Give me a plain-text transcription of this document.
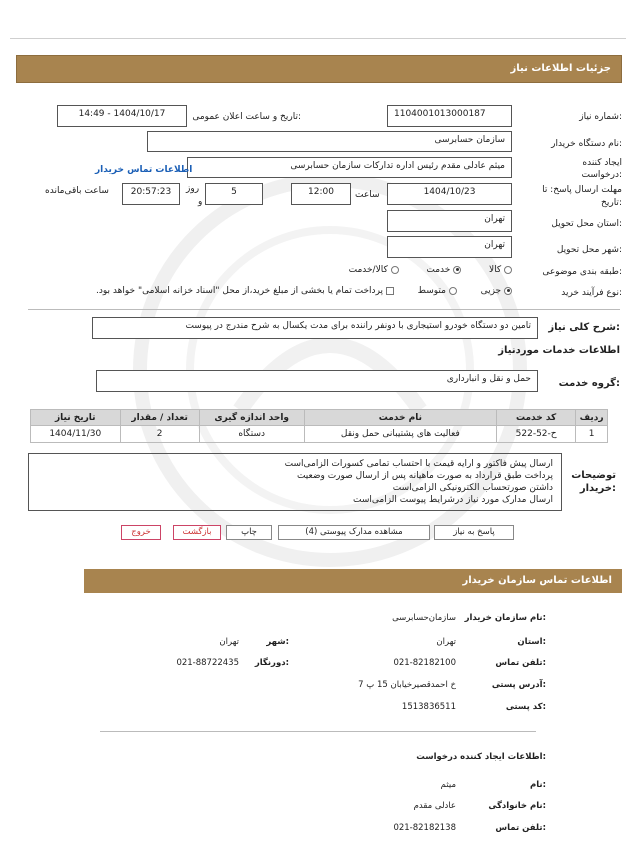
جزئیات اطلاعات نیاز
شماره نیاز:
1104001013000187
تاریخ و ساعت اعلان عمومی:
1404/10/17 - 14:49
نام دستگاه خریدار:
سازمان حسابرسی
ایجاد کننده
درخواست:
میثم عادلی مقدم رئیس اداره تدارکات سازمان حسابرسی
اطلاعات تماس خریدار
مهلت ارسال پاسخ: تا
تاریخ:
1404/10/23
ساعت
12:00
5
روز
و
20:57:23
ساعت باقی‌مانده
استان محل تحویل:
تهران
شهر محل تحویل:
تهران
طبقه بندی موضوعی:
کالا   خدمت   کالا/خدمت
نوع فرآیند خرید:
جزیی   متوسط   پرداخت تمام یا بخشی از مبلغ خرید،از محل "اسناد خزانه اسلامی" خواهد بود.
شرح کلی نیاز:
تامین دو دستگاه خودرو استیجاری با دونفر راننده برای مدت یکسال به شرح مندرج در پیوست
اطلاعات خدمات موردنیاز
گروه خدمت:
حمل و نقل و انبارداری
ردیف	کد خدمت	نام خدمت	واحد اندازه گیری	تعداد / مقدار	تاریخ نیاز
1	ح-52-522	فعالیت های پشتیبانی حمل ونقل	دستگاه	2	1404/11/30
توضیحات
خریدار:
ارسال پیش فاکتور و ارایه قیمت با احتساب تمامی کسورات الزامی‌است
پرداخت طبق قرارداد به صورت ماهیانه پس از ارسال صورت وضعیت
داشتن صورتحساب الکترونیکی الزامی‌است
ارسال مدارک مورد نیاز درشرایط پیوست الزامی‌است
پاسخ به نیاز
مشاهده مدارک پیوستی (4)
چاپ
بازگشت
خروج
اطلاعات تماس سازمان خریدار
نام سازمان خریدار:
سازمان‌حسابرسی
استان:
تهران
شهر:
تهران
تلفن تماس:
021-82182100
دورنگار:
021-88722435
آدرس پستی:
خ احمدقصیرخیابان 15 پ 7
کد پستی:
1513836511
اطلاعات ایجاد کننده درخواست:
نام:
میثم
نام خانوادگی:
عادلی مقدم
تلفن تماس:
021-82182138
